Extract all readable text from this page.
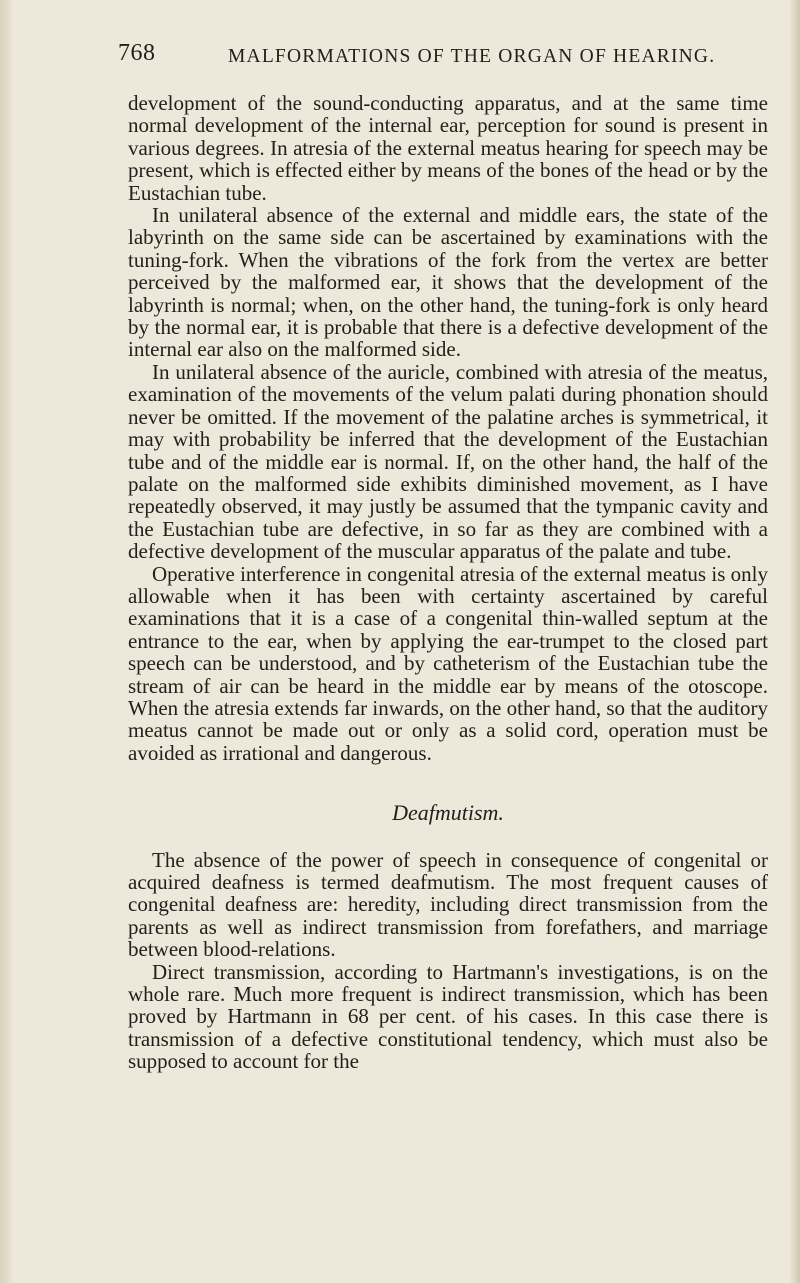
768	MALFORMATIONS OF THE ORGAN OF HEARING.

development of the sound-conducting apparatus, and at the same time normal development of the internal ear, perception for sound is present in various degrees. In atresia of the external meatus hearing for speech may be present, which is effected either by means of the bones of the head or by the Eustachian tube.

In unilateral absence of the external and middle ears, the state of the labyrinth on the same side can be ascertained by examinations with the tuning-fork. When the vibrations of the fork from the vertex are better perceived by the malformed ear, it shows that the development of the labyrinth is normal; when, on the other hand, the tuning-fork is only heard by the normal ear, it is probable that there is a defective development of the internal ear also on the malformed side.

In unilateral absence of the auricle, combined with atresia of the meatus, examination of the movements of the velum palati during phonation should never be omitted. If the movement of the palatine arches is symmetrical, it may with probability be inferred that the development of the Eustachian tube and of the middle ear is normal. If, on the other hand, the half of the palate on the malformed side exhibits diminished movement, as I have repeatedly observed, it may justly be assumed that the tympanic cavity and the Eustachian tube are defective, in so far as they are combined with a defective development of the muscular apparatus of the palate and tube.

Operative interference in congenital atresia of the external meatus is only allowable when it has been with certainty ascertained by careful examinations that it is a case of a congenital thin-walled septum at the entrance to the ear, when by applying the ear-trumpet to the closed part speech can be understood, and by catheterism of the Eustachian tube the stream of air can be heard in the middle ear by means of the otoscope. When the atresia extends far inwards, on the other hand, so that the auditory meatus cannot be made out or only as a solid cord, operation must be avoided as irrational and dangerous.

Deafmutism.

The absence of the power of speech in consequence of congenital or acquired deafness is termed deafmutism. The most frequent causes of congenital deafness are: heredity, including direct transmission from the parents as well as indirect transmission from forefathers, and marriage between blood-relations.

Direct transmission, according to Hartmann's investigations, is on the whole rare. Much more frequent is indirect transmission, which has been proved by Hartmann in 68 per cent. of his cases. In this case there is transmission of a defective constitutional tendency, which must also be supposed to account for the
